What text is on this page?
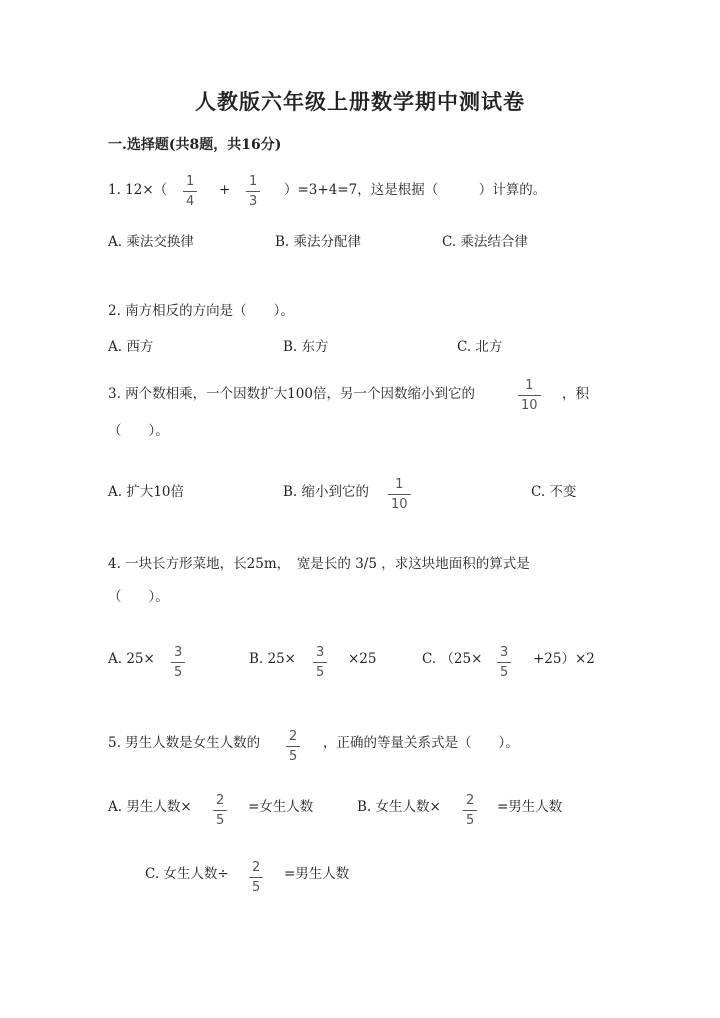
人教版六年级上册数学期中测试卷
一.选择题(共8题，共16分)
1. 12×（
1
4
+
1
3
）=3+4=7，这是根据（　　　）计算的。
A. 乘法交换律	B. 乘法分配律	C. 乘法结合律
2. 南方相反的方向是（　　）。
A. 西方	B. 东方	C. 北方
3. 两个数相乘，一个因数扩大100倍，另一个因数缩小到它的
1
10
，积
（　　）。
A. 扩大10倍	B. 缩小到它的 1
10
C. 不变
4. 一块长方形菜地，长25m，　宽是长的 3/5 ，求这块地面积的算式是
（　　）。
A. 25× 3
5
B. 25× 3
5
×25	C. （25× 3
5
+25）×2
5. 男生人数是女生人数的 2
5
，正确的等量关系式是（　　）。
A. 男生人数× 2
5
=女生人数	B. 女生人数× 2
5
=男生人数
C. 女生人数÷ 2
5
=男生人数
